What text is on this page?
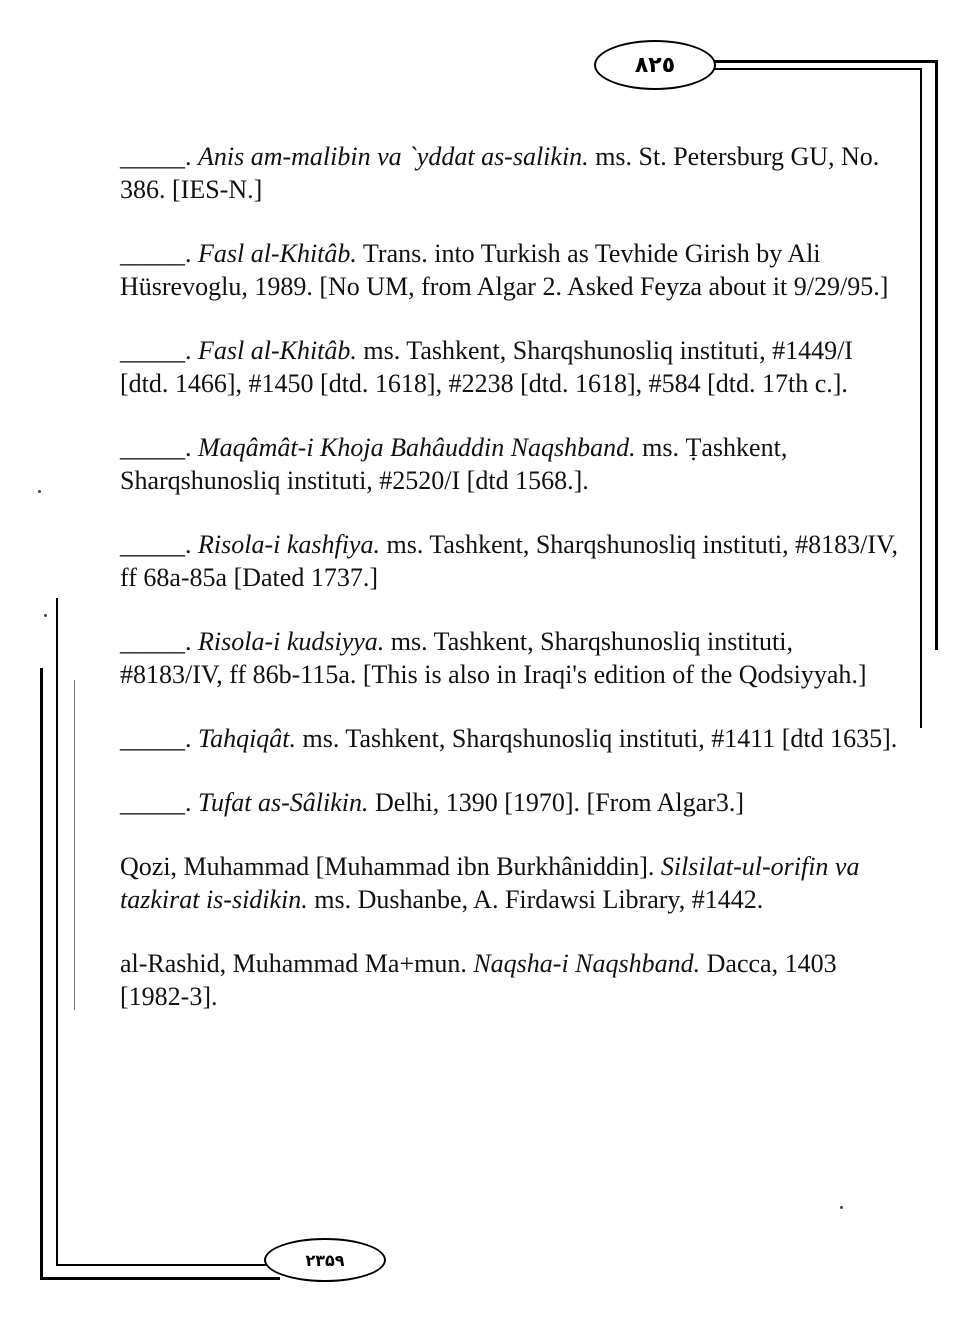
٨٢٥
۲۳۵۹

_____. Anis am-malibin va `yddat as-salikin. ms. St. Petersburg GU, No. 386. [IES-N.]

_____. Fasl al-Khitâb. Trans. into Turkish as Tevhide Girish by Ali Hüsrevoglu, 1989. [No UM, from Algar 2. Asked Feyza about it 9/29/95.]

_____. Fasl al-Khitâb. ms. Tashkent, Sharqshunosliq instituti, #1449/I [dtd. 1466], #1450 [dtd. 1618], #2238 [dtd. 1618], #584 [dtd. 17th c.].

_____. Maqâmât-i Khoja Bahâuddin Naqshband. ms. Ṭashkent, Sharqshunosliq instituti, #2520/I [dtd 1568.].

_____. Risola-i kashfiya. ms. Tashkent, Sharqshunosliq instituti, #8183/IV, ff 68a-85a [Dated 1737.]

_____. Risola-i kudsiyya. ms. Tashkent, Sharqshunosliq instituti, #8183/IV, ff 86b-115a. [This is also in Iraqi's edition of the Qodsiyyah.]

_____. Tahqiqât. ms. Tashkent, Sharqshunosliq instituti, #1411 [dtd 1635].

_____. Tufat as-Sâlikin. Delhi, 1390 [1970]. [From Algar3.]

Qozi, Muhammad [Muhammad ibn Burkhâniddin]. Silsilat-ul-orifin va tazkirat is-sidikin. ms. Dushanbe, A. Firdawsi Library, #1442.

al-Rashid, Muhammad Ma+mun. Naqsha-i Naqshband. Dacca, 1403 [1982-3].
